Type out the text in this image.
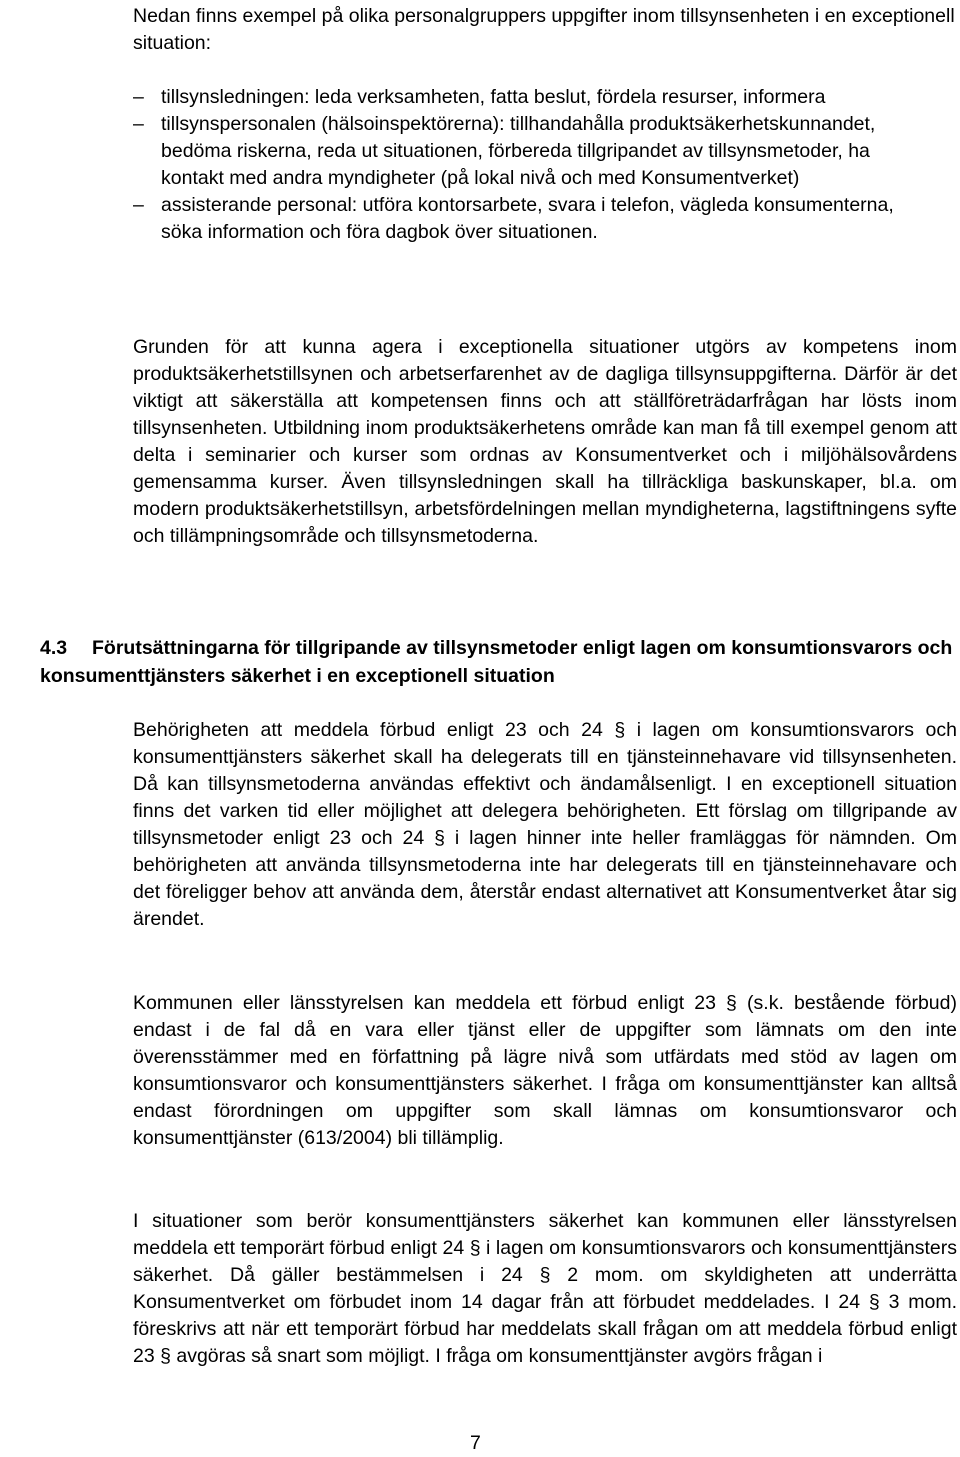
Nedan finns exempel på olika personalgruppers uppgifter inom tillsynsenheten i en exceptionell situation:

– tillsynsledningen: leda verksamheten, fatta beslut, fördela resurser, informera
– tillsynspersonalen (hälsoinspektörerna): tillhandahålla produktsäkerhetskunnandet, bedöma riskerna, reda ut situationen, förbereda tillgripandet av tillsynsmetoder, ha kontakt med andra myndigheter (på lokal nivå och med Konsumentverket)
– assisterande personal: utföra kontorsarbete, svara i telefon, vägleda konsumenterna, söka information och föra dagbok över situationen.

Grunden för att kunna agera i exceptionella situationer utgörs av kompetens inom produktsäkerhetstillsynen och arbetserfarenhet av de dagliga tillsynsuppgifterna. Därför är det viktigt att säkerställa att kompetensen finns och att ställföreträdarfrågan har lösts inom tillsynsenheten. Utbildning inom produktsäkerhetens område kan man få till exempel genom att delta i seminarier och kurser som ordnas av Konsumentverket och i miljöhälsovårdens gemensamma kurser. Även tillsynsledningen skall ha tillräckliga baskunskaper, bl.a. om modern produktsäkerhetstillsyn, arbetsfördelningen mellan myndigheterna, lagstiftningens syfte och tillämpningsområde och tillsynsmetoderna.

4.3 Förutsättningarna för tillgripande av tillsynsmetoder enligt lagen om konsumtionsvarors och konsumenttjänsters säkerhet i en exceptionell situation

Behörigheten att meddela förbud enligt 23 och 24 § i lagen om konsumtionsvarors och konsumenttjänsters säkerhet skall ha delegerats till en tjänsteinnehavare vid tillsynsenheten. Då kan tillsynsmetoderna användas effektivt och ändamålsenligt. I en exceptionell situation finns det varken tid eller möjlighet att delegera behörigheten. Ett förslag om tillgripande av tillsynsmetoder enligt 23 och 24 § i lagen hinner inte heller framläggas för nämnden. Om behörigheten att använda tillsynsmetoderna inte har delegerats till en tjänsteinnehavare och det föreligger behov att använda dem, återstår endast alternativet att Konsumentverket åtar sig ärendet.

Kommunen eller länsstyrelsen kan meddela ett förbud enligt 23 § (s.k. bestående förbud) endast i de fal då en vara eller tjänst eller de uppgifter som lämnats om den inte överensstämmer med en författning på lägre nivå som utfärdats med stöd av lagen om konsumtionsvaror och konsumenttjänsters säkerhet. I fråga om konsumenttjänster kan alltså endast förordningen om uppgifter som skall lämnas om konsumtionsvaror och konsumenttjänster (613/2004) bli tillämplig.

I situationer som berör konsumenttjänsters säkerhet kan kommunen eller länsstyrelsen meddela ett temporärt förbud enligt 24 § i lagen om konsumtionsvarors och konsumenttjänsters säkerhet. Då gäller bestämmelsen i 24 § 2 mom. om skyldigheten att underrätta Konsumentverket om förbudet inom 14 dagar från att förbudet meddelades. I 24 § 3 mom. föreskrivs att när ett temporärt förbud har meddelats skall frågan om att meddela förbud enligt 23 § avgöras så snart som möjligt. I fråga om konsumenttjänster avgörs frågan i

7
